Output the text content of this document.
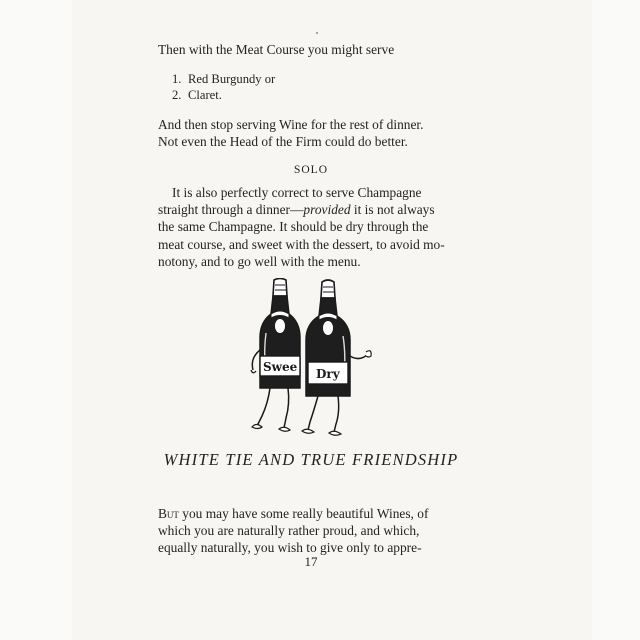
Then with the Meat Course you might serve
1. Red Burgundy or
2. Claret.
And then stop serving Wine for the rest of dinner.
Not even the Head of the Firm could do better.
SOLO
It is also perfectly correct to serve Champagne
straight through a dinner—provided it is not always
the same Champagne. It should be dry through the
meat course, and sweet with the dessert, to avoid mo-
notony, and to go well with the menu.
Swee Dry
WHITE TIE AND TRUE FRIENDSHIP
But you may have some really beautiful Wines, of
which you are naturally rather proud, and which,
equally naturally, you wish to give only to appre-
17
